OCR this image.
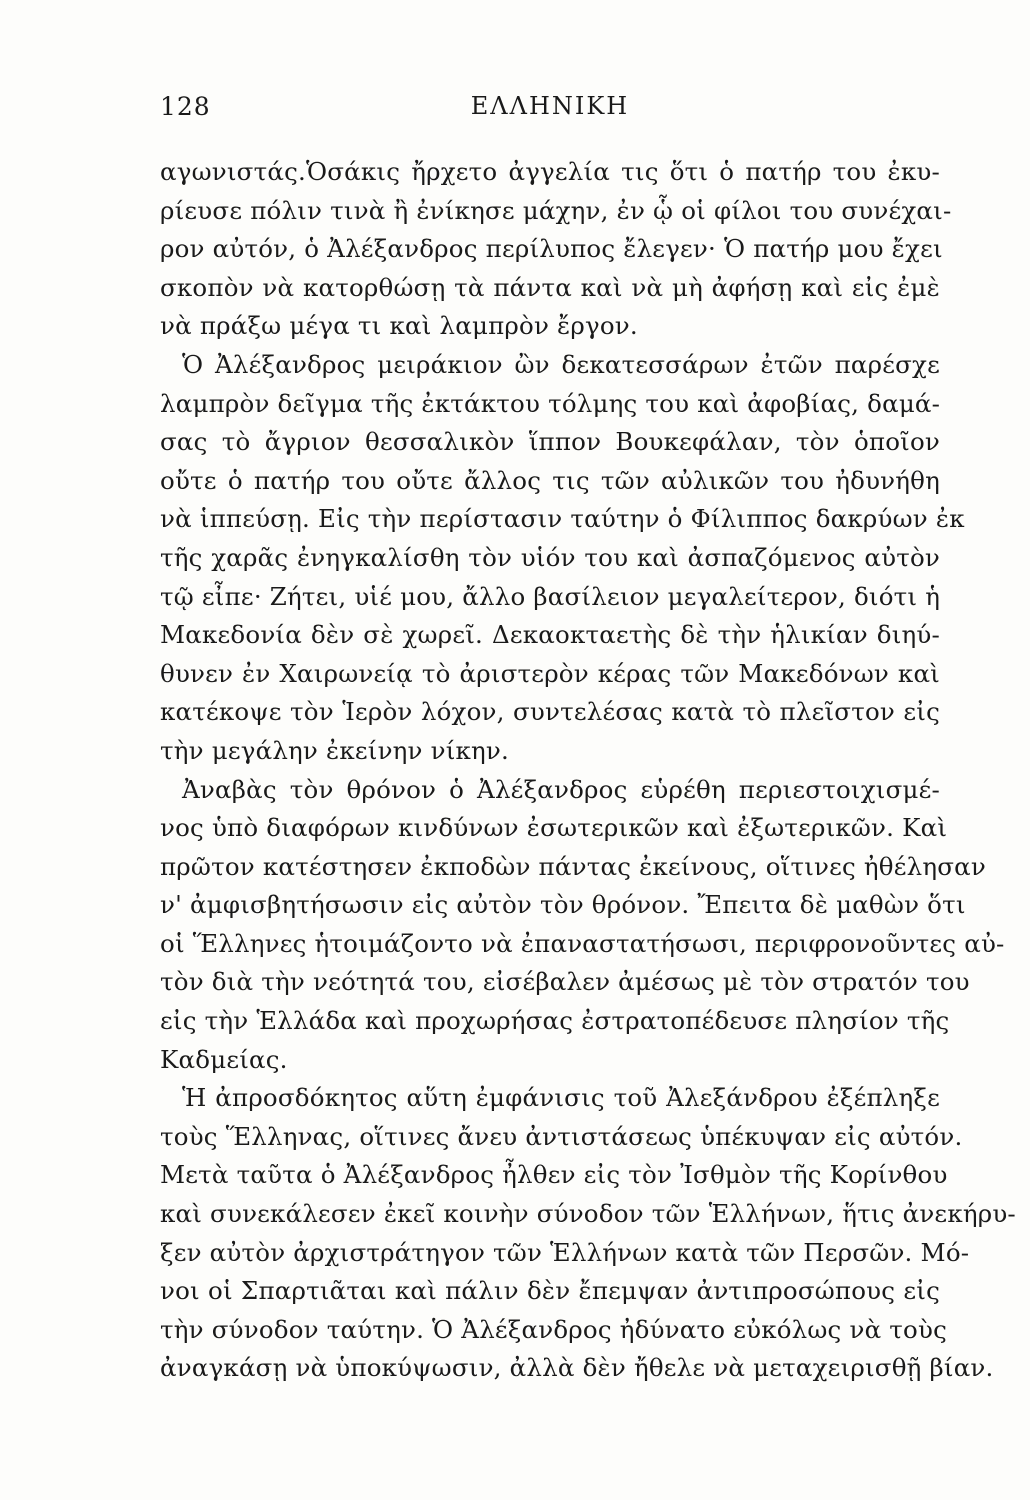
128	ΕΛΛΗΝΙΚΗ
αγωνιστάς.Ὁσάκις ἤρχετο ἀγγελία τις ὅτι ὁ πατήρ του ἐκυ-
ρίευσε πόλιν τινὰ ἢ ἐνίκησε μάχην, ἐν ᾧ οἱ φίλοι του συνέχαι-
ρον αὐτόν, ὁ Ἀλέξανδρος περίλυπος ἔλεγεν· Ὁ πατήρ μου ἔχει
σκοπὸν νὰ κατορθώσῃ τὰ πάντα καὶ νὰ μὴ ἀφήσῃ καὶ εἰς ἐμὲ
νὰ πράξω μέγα τι καὶ λαμπρὸν ἔργον.
Ὁ Ἀλέξανδρος μειράκιον ὢν δεκατεσσάρων ἐτῶν παρέσχε
λαμπρὸν δεῖγμα τῆς ἐκτάκτου τόλμης του καὶ ἀφοβίας, δαμά-
σας τὸ ἄγριον θεσσαλικὸν ἵππον Βουκεφάλαν, τὸν ὁποῖον
οὔτε ὁ πατήρ του οὔτε ἄλλος τις τῶν αὐλικῶν του ἠδυνήθη
νὰ ἱππεύσῃ. Εἰς τὴν περίστασιν ταύτην ὁ Φίλιππος δακρύων ἐκ
τῆς χαρᾶς ἐνηγκαλίσθη τὸν υἱόν του καὶ ἀσπαζόμενος αὐτὸν
τῷ εἶπε· Ζήτει, υἱέ μου, ἄλλο βασίλειον μεγαλείτερον, διότι ἡ
Μακεδονία δὲν σὲ χωρεῖ. Δεκαοκταετὴς δὲ τὴν ἡλικίαν διηύ-
θυνεν ἐν Χαιρωνείᾳ τὸ ἀριστερὸν κέρας τῶν Μακεδόνων καὶ
κατέκοψε τὸν Ἱερὸν λόχον, συντελέσας κατὰ τὸ πλεῖστον εἰς
τὴν μεγάλην ἐκείνην νίκην.
Ἀναβὰς τὸν θρόνον ὁ Ἀλέξανδρος εὑρέθη περιεστοιχισμέ-
νος ὑπὸ διαφόρων κινδύνων ἐσωτερικῶν καὶ ἐξωτερικῶν. Καὶ
πρῶτον κατέστησεν ἐκποδὼν πάντας ἐκείνους, οἵτινες ἠθέλησαν
ν' ἀμφισβητήσωσιν εἰς αὐτὸν τὸν θρόνον. Ἔπειτα δὲ μαθὼν ὅτι
οἱ Ἕλληνες ἡτοιμάζοντο νὰ ἐπαναστατήσωσι, περιφρονοῦντες αὐ-
τὸν διὰ τὴν νεότητά του, εἰσέβαλεν ἀμέσως μὲ τὸν στρατόν του
εἰς τὴν Ἑλλάδα καὶ προχωρήσας ἐστρατοπέδευσε πλησίον τῆς
Καδμείας.
Ἡ ἀπροσδόκητος αὕτη ἐμφάνισις τοῦ Ἀλεξάνδρου ἐξέπληξε
τοὺς Ἕλληνας, οἵτινες ἄνευ ἀντιστάσεως ὑπέκυψαν εἰς αὐτόν.
Μετὰ ταῦτα ὁ Ἀλέξανδρος ἦλθεν εἰς τὸν Ἰσθμὸν τῆς Κορίνθου
καὶ συνεκάλεσεν ἐκεῖ κοινὴν σύνοδον τῶν Ἑλλήνων, ἥτις ἀνεκήρυ-
ξεν αὐτὸν ἀρχιστράτηγον τῶν Ἑλλήνων κατὰ τῶν Περσῶν. Μό-
νοι οἱ Σπαρτιᾶται καὶ πάλιν δὲν ἔπεμψαν ἀντιπροσώπους εἰς
τὴν σύνοδον ταύτην. Ὁ Ἀλέξανδρος ἠδύνατο εὐκόλως νὰ τοὺς
ἀναγκάσῃ νὰ ὑποκύψωσιν, ἀλλὰ δὲν ἤθελε νὰ μεταχειρισθῇ βίαν.
